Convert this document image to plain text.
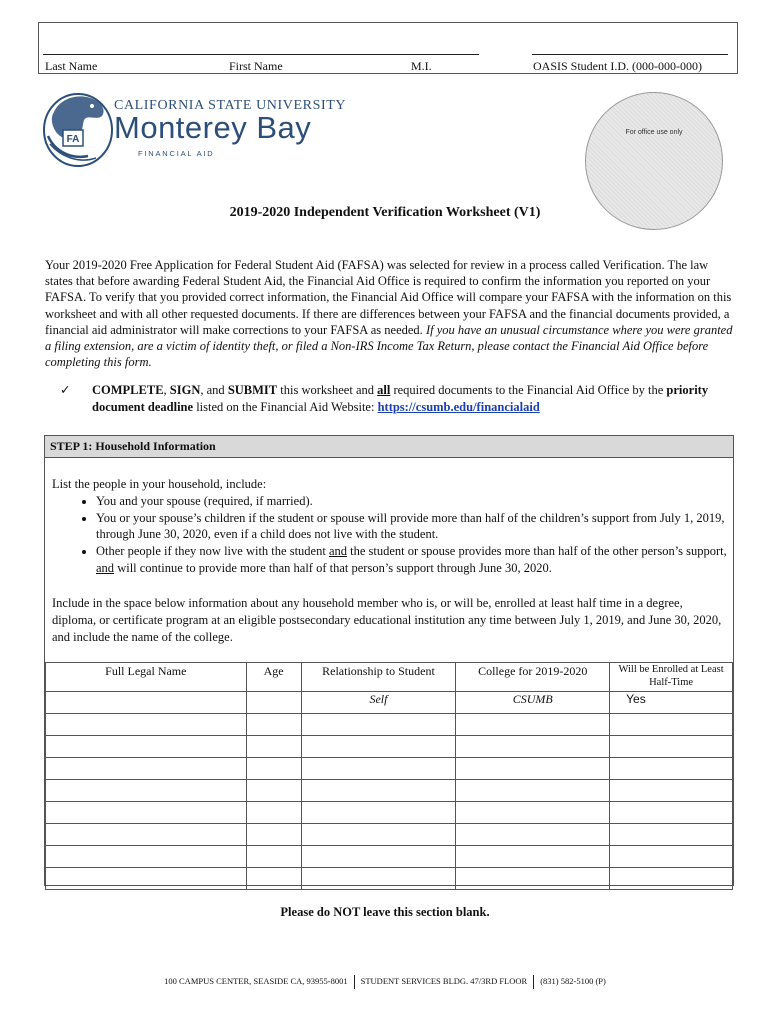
Last Name	First Name	M.I.	OASIS Student I.D. (000-000-000)
FA
CALIFORNIA STATE UNIVERSITY
Monterey Bay
FINANCIAL AID
For office use only
2019-2020 Independent Verification Worksheet (V1)
Your 2019-2020 Free Application for Federal Student Aid (FAFSA) was selected for review in a process called Verification. The law states that before awarding Federal Student Aid, the Financial Aid Office is required to confirm the information you reported on your FAFSA. To verify that you provided correct information, the Financial Aid Office will compare your FAFSA with the information on this worksheet and with all other requested documents. If there are differences between your FAFSA and the financial documents provided, a financial aid administrator will make corrections to your FAFSA as needed. If you have an unusual circumstance where you were granted a filing extension, are a victim of identity theft, or filed a Non-IRS Income Tax Return, please contact the Financial Aid Office before completing this form.
✓ COMPLETE, SIGN, and SUBMIT this worksheet and all required documents to the Financial Aid Office by the priority document deadline listed on the Financial Aid Website: https://csumb.edu/financialaid
STEP 1: Household Information
List the people in your household, include:
• You and your spouse (required, if married).
• You or your spouse’s children if the student or spouse will provide more than half of the children’s support from July 1, 2019, through June 30, 2020, even if a child does not live with the student.
• Other people if they now live with the student and the student or spouse provides more than half of the other person’s support, and will continue to provide more than half of that person’s support through June 30, 2020.
Include in the space below information about any household member who is, or will be, enrolled at least half time in a degree, diploma, or certificate program at an eligible postsecondary educational institution any time between July 1, 2019, and June 30, 2020, and include the name of the college.
Full Legal Name	Age	Relationship to Student	College for 2019-2020	Will be Enrolled at Least Half-Time
		Self	CSUMB	Yes

Please do NOT leave this section blank.
100 CAMPUS CENTER, SEASIDE CA, 93955-8001 STUDENT SERVICES BLDG. 47/3RD FLOOR (831) 582-5100 (P)
